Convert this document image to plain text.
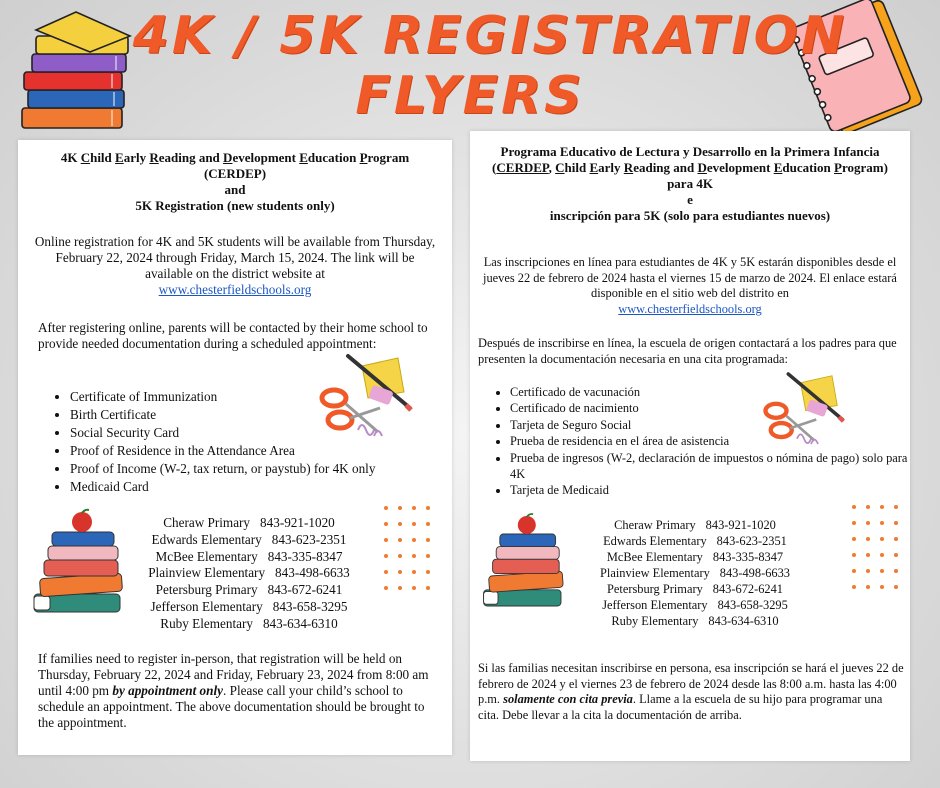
4K / 5K REGISTRATION
FLYERS
4K Child Early Reading and Development Education Program
(CERDEP)
and
5K Registration (new students only)
Online registration for 4K and 5K students will be available from Thursday, February 22, 2024 through Friday, March 15, 2024. The link will be available on the district website at
www.chesterfieldschools.org
After registering online, parents will be contacted by their home school to provide needed documentation during a scheduled appointment:
• Certificate of Immunization
• Birth Certificate
• Social Security Card
• Proof of Residence in the Attendance Area
• Proof of Income (W-2, tax return, or paystub) for 4K only
• Medicaid Card
Cheraw Primary 843-921-1020
Edwards Elementary 843-623-2351
McBee Elementary 843-335-8347
Plainview Elementary 843-498-6633
Petersburg Primary 843-672-6241
Jefferson Elementary 843-658-3295
Ruby Elementary 843-634-6310
If families need to register in-person, that registration will be held on Thursday, February 22, 2024 and Friday, February 23, 2024 from 8:00 am until 4:00 pm by appointment only. Please call your child’s school to schedule an appointment. The above documentation should be brought to the appointment.
Programa Educativo de Lectura y Desarrollo en la Primera Infancia
(CERDEP, Child Early Reading and Development Education Program)
para 4K
e
inscripción para 5K (solo para estudiantes nuevos)
Las inscripciones en línea para estudiantes de 4K y 5K estarán disponibles desde el jueves 22 de febrero de 2024 hasta el viernes 15 de marzo de 2024. El enlace estará disponible en el sitio web del distrito en
www.chesterfieldschools.org
Después de inscribirse en línea, la escuela de origen contactará a los padres para que presenten la documentación necesaria en una cita programada:
• Certificado de vacunación
• Certificado de nacimiento
• Tarjeta de Seguro Social
• Prueba de residencia en el área de asistencia
• Prueba de ingresos (W-2, declaración de impuestos o nómina de pago) solo para 4K
• Tarjeta de Medicaid
Cheraw Primary 843-921-1020
Edwards Elementary 843-623-2351
McBee Elementary 843-335-8347
Plainview Elementary 843-498-6633
Petersburg Primary 843-672-6241
Jefferson Elementary 843-658-3295
Ruby Elementary 843-634-6310
Si las familias necesitan inscribirse en persona, esa inscripción se hará el jueves 22 de febrero de 2024 y el viernes 23 de febrero de 2024 desde las 8:00 a.m. hasta las 4:00 p.m. solamente con cita previa. Llame a la escuela de su hijo para programar una cita. Debe llevar a la cita la documentación de arriba.
